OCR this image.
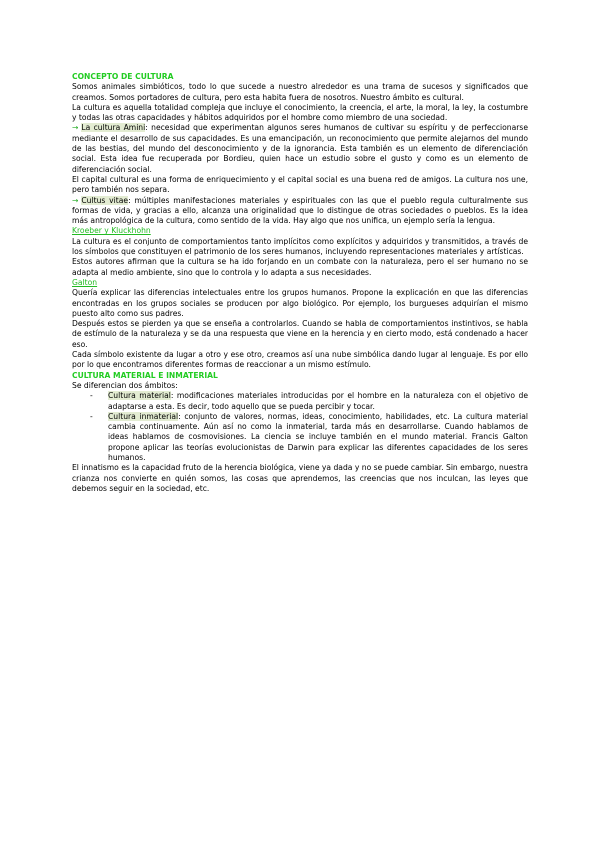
CONCEPTO DE CULTURA

Somos animales simbióticos, todo lo que sucede a nuestro alrededor es una trama de sucesos y significados que creamos. Somos portadores de cultura, pero esta habita fuera de nosotros. Nuestro ámbito es cultural.

La cultura es aquella totalidad compleja que incluye el conocimiento, la creencia, el arte, la moral, la ley, la costumbre y todas las otras capacidades y hábitos adquiridos por el hombre como miembro de una sociedad.

→ La cultura Amini: necesidad que experimentan algunos seres humanos de cultivar su espíritu y de perfeccionarse mediante el desarrollo de sus capacidades. Es una emancipación, un reconocimiento que permite alejarnos del mundo de las bestias, del mundo del desconocimiento y de la ignorancia. Esta también es un elemento de diferenciación social. Esta idea fue recuperada por Bordieu, quien hace un estudio sobre el gusto y como es un elemento de diferenciación social.

El capital cultural es una forma de enriquecimiento y el capital social es una buena red de amigos. La cultura nos une, pero también nos separa.

→ Cultus vitae: múltiples manifestaciones materiales y espirituales con las que el pueblo regula culturalmente sus formas de vida, y gracias a ello, alcanza una originalidad que lo distingue de otras sociedades o pueblos. Es la idea más antropológica de la cultura, como sentido de la vida. Hay algo que nos unifica, un ejemplo sería la lengua.

Kroeber y Kluckhohn

La cultura es el conjunto de comportamientos tanto implícitos como explícitos y adquiridos y transmitidos, a través de los símbolos que constituyen el patrimonio de los seres humanos, incluyendo representaciones materiales y artísticas.

Estos autores afirman que la cultura se ha ido forjando en un combate con la naturaleza, pero el ser humano no se adapta al medio ambiente, sino que lo controla y lo adapta a sus necesidades.

Galton

Quería explicar las diferencias intelectuales entre los grupos humanos. Propone la explicación en que las diferencias encontradas en los grupos sociales se producen por algo biológico. Por ejemplo, los burgueses adquirían el mismo puesto alto como sus padres.

Después estos se pierden ya que se enseña a controlarlos. Cuando se habla de comportamientos instintivos, se habla de estímulo de la naturaleza y se da una respuesta que viene en la herencia y en cierto modo, está condenado a hacer eso.

Cada símbolo existente da lugar a otro y ese otro, creamos así una nube simbólica dando lugar al lenguaje. Es por ello por lo que encontramos diferentes formas de reaccionar a un mismo estímulo.

CULTURA MATERIAL E INMATERIAL

Se diferencian dos ámbitos:

- Cultura material: modificaciones materiales introducidas por el hombre en la naturaleza con el objetivo de adaptarse a esta. Es decir, todo aquello que se pueda percibir y tocar.
- Cultura inmaterial: conjunto de valores, normas, ideas, conocimiento, habilidades, etc. La cultura material cambia continuamente. Aún así no como la inmaterial, tarda más en desarrollarse. Cuando hablamos de ideas hablamos de cosmovisiones. La ciencia se incluye también en el mundo material. Francis Galton propone aplicar las teorías evolucionistas de Darwin para explicar las diferentes capacidades de los seres humanos.

El innatismo es la capacidad fruto de la herencia biológica, viene ya dada y no se puede cambiar. Sin embargo, nuestra crianza nos convierte en quién somos, las cosas que aprendemos, las creencias que nos inculcan, las leyes que debemos seguir en la sociedad, etc.
